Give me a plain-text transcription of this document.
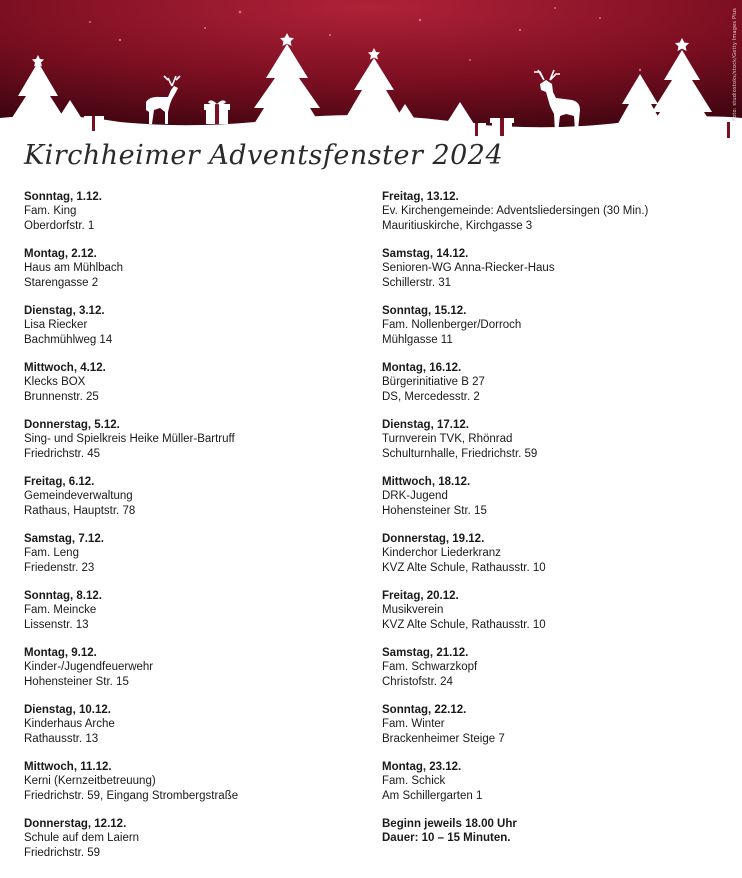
Foto: studiostoks/stock/Getty Images Plus
Kirchheimer Adventsfenster 2024
Sonntag, 1.12.
Fam. King
Oberdorfstr. 1
Montag, 2.12.
Haus am Mühlbach
Starengasse 2
Dienstag, 3.12.
Lisa Riecker
Bachmühlweg 14
Mittwoch, 4.12.
Klecks BOX
Brunnenstr. 25
Donnerstag, 5.12.
Sing- und Spielkreis Heike Müller-Bartruff
Friedrichstr. 45
Freitag, 6.12.
Gemeindeverwaltung
Rathaus, Hauptstr. 78
Samstag, 7.12.
Fam. Leng
Friedenstr. 23
Sonntag, 8.12.
Fam. Meincke
Lissenstr. 13
Montag, 9.12.
Kinder-/Jugendfeuerwehr
Hohensteiner Str. 15
Dienstag, 10.12.
Kinderhaus Arche
Rathausstr. 13
Mittwoch, 11.12.
Kerni (Kernzeitbetreuung)
Friedrichstr. 59, Eingang Strombergstraße
Donnerstag, 12.12.
Schule auf dem Laiern
Friedrichstr. 59
Freitag, 13.12.
Ev. Kirchengemeinde: Adventsliedersingen (30 Min.)
Mauritiuskirche, Kirchgasse 3
Samstag, 14.12.
Senioren-WG Anna-Riecker-Haus
Schillerstr. 31
Sonntag, 15.12.
Fam. Nollenberger/Dorroch
Mühlgasse 11
Montag, 16.12.
Bürgerinitiative B 27
DS, Mercedesstr. 2
Dienstag, 17.12.
Turnverein TVK, Rhönrad
Schulturnhalle, Friedrichstr. 59
Mittwoch, 18.12.
DRK-Jugend
Hohensteiner Str. 15
Donnerstag, 19.12.
Kinderchor Liederkranz
KVZ Alte Schule, Rathausstr. 10
Freitag, 20.12.
Musikverein
KVZ Alte Schule, Rathausstr. 10
Samstag, 21.12.
Fam. Schwarzkopf
Christofstr. 24
Sonntag, 22.12.
Fam. Winter
Brackenheimer Steige 7
Montag, 23.12.
Fam. Schick
Am Schillergarten 1
Beginn jeweils 18.00 Uhr
Dauer: 10 – 15 Minuten.
